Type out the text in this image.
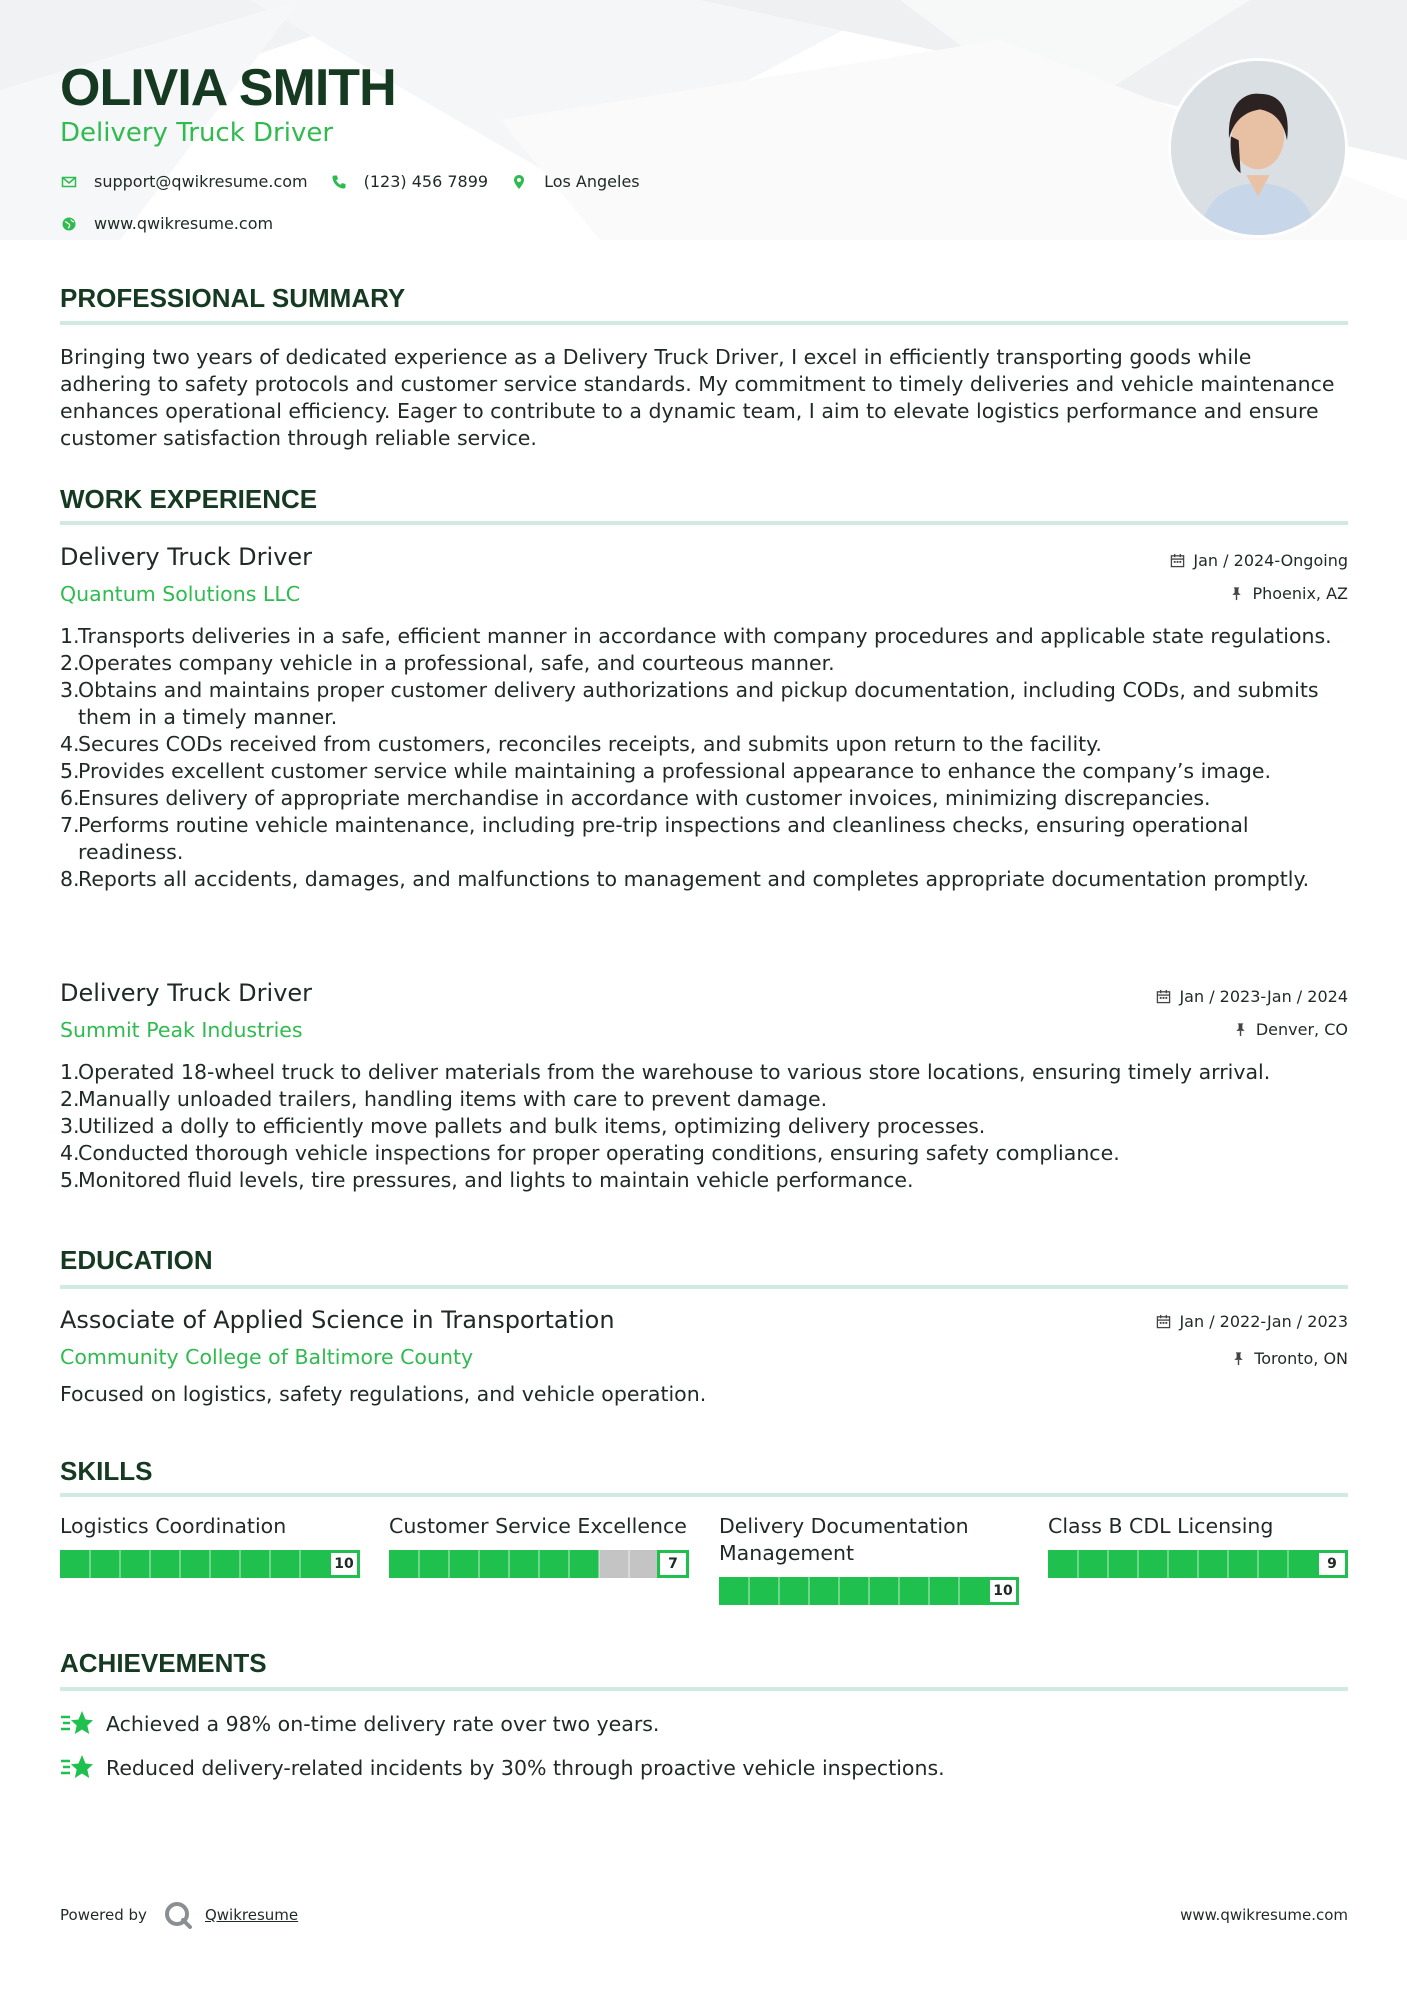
OLIVIA SMITH
Delivery Truck Driver
support@qwikresume.com	(123) 456 7899	Los Angeles
www.qwikresume.com
PROFESSIONAL SUMMARY
Bringing two years of dedicated experience as a Delivery Truck Driver, I excel in efficiently transporting goods while adhering to safety protocols and customer service standards. My commitment to timely deliveries and vehicle maintenance enhances operational efficiency. Eager to contribute to a dynamic team, I aim to elevate logistics performance and ensure customer satisfaction through reliable service.
WORK EXPERIENCE
Delivery Truck Driver
Quantum Solutions LLC
Jan / 2024-Ongoing
Phoenix, AZ
1.
Transports deliveries in a safe, efficient manner in accordance with company procedures and applicable state regulations.
2.
Operates company vehicle in a professional, safe, and courteous manner.
3.
Obtains and maintains proper customer delivery authorizations and pickup documentation, including CODs, and submits them in a timely manner.
4.
Secures CODs received from customers, reconciles receipts, and submits upon return to the facility.
5.
Provides excellent customer service while maintaining a professional appearance to enhance the company’s image.
6.
Ensures delivery of appropriate merchandise in accordance with customer invoices, minimizing discrepancies.
7.
Performs routine vehicle maintenance, including pre-trip inspections and cleanliness checks, ensuring operational readiness.
8.
Reports all accidents, damages, and malfunctions to management and completes appropriate documentation promptly.
Delivery Truck Driver
Summit Peak Industries
Jan / 2023-Jan / 2024
Denver, CO
1.
Operated 18-wheel truck to deliver materials from the warehouse to various store locations, ensuring timely arrival.
2.
Manually unloaded trailers, handling items with care to prevent damage.
3.
Utilized a dolly to efficiently move pallets and bulk items, optimizing delivery processes.
4.
Conducted thorough vehicle inspections for proper operating conditions, ensuring safety compliance.
5.
Monitored fluid levels, tire pressures, and lights to maintain vehicle performance.
EDUCATION
Associate of Applied Science in Transportation
Community College of Baltimore County
Jan / 2022-Jan / 2023
Toronto, ON
Focused on logistics, safety regulations, and vehicle operation.
SKILLS
Logistics Coordination
10
Customer Service Excellence
7
Delivery Documentation Management
10
Class B CDL Licensing
9
ACHIEVEMENTS
Achieved a 98% on-time delivery rate over two years.
Reduced delivery-related incidents by 30% through proactive vehicle inspections.
Powered by	Qwikresume	www.qwikresume.com
